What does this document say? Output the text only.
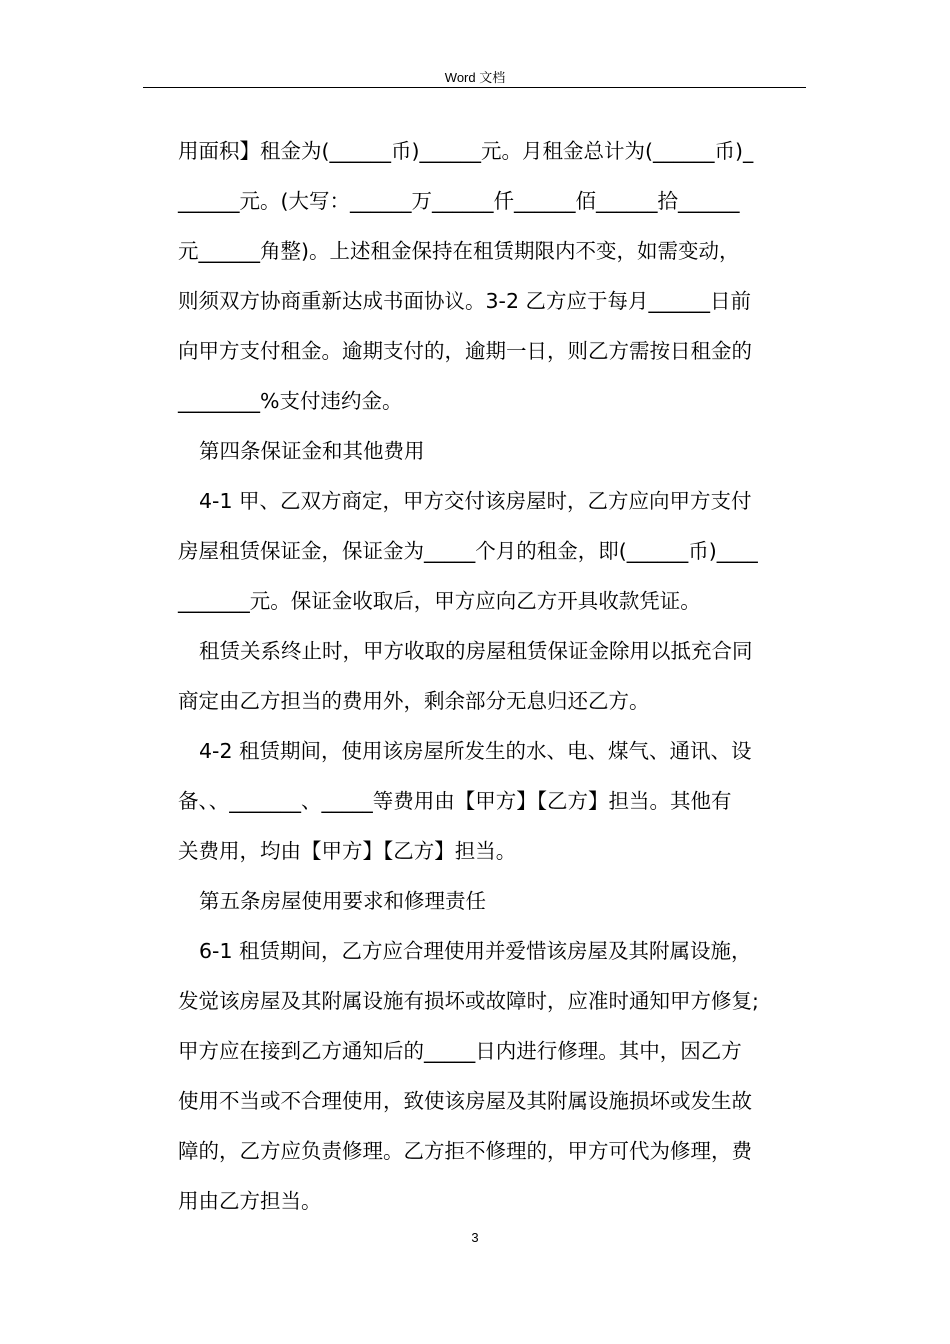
Word 文档
用面积】租金为(______币)______元。月租金总计为(______币)_
______元。(大写：______万______仟______佰______拾______
元______角整)。上述租金保持在租赁期限内不变，如需变动，
则须双方协商重新达成书面协议。3-2 乙方应于每月______日前
向甲方支付租金。逾期支付的，逾期一日，则乙方需按日租金的
________%支付违约金。
第四条保证金和其他费用
4-1 甲、乙双方商定，甲方交付该房屋时，乙方应向甲方支付
房屋租赁保证金，保证金为_____个月的租金，即(______币)____
_______元。保证金收取后，甲方应向乙方开具收款凭证。
租赁关系终止时，甲方收取的房屋租赁保证金除用以抵充合同
商定由乙方担当的费用外，剩余部分无息归还乙方。
4-2 租赁期间，使用该房屋所发生的水、电、煤气、通讯、设
备、、_______、_____等费用由【甲方】【乙方】担当。其他有
关费用，均由【甲方】【乙方】担当。
第五条房屋使用要求和修理责任
6-1 租赁期间，乙方应合理使用并爱惜该房屋及其附属设施，
发觉该房屋及其附属设施有损坏或故障时，应准时通知甲方修复;
甲方应在接到乙方通知后的_____日内进行修理。其中，因乙方
使用不当或不合理使用，致使该房屋及其附属设施损坏或发生故
障的，乙方应负责修理。乙方拒不修理的，甲方可代为修理，费
用由乙方担当。
3
